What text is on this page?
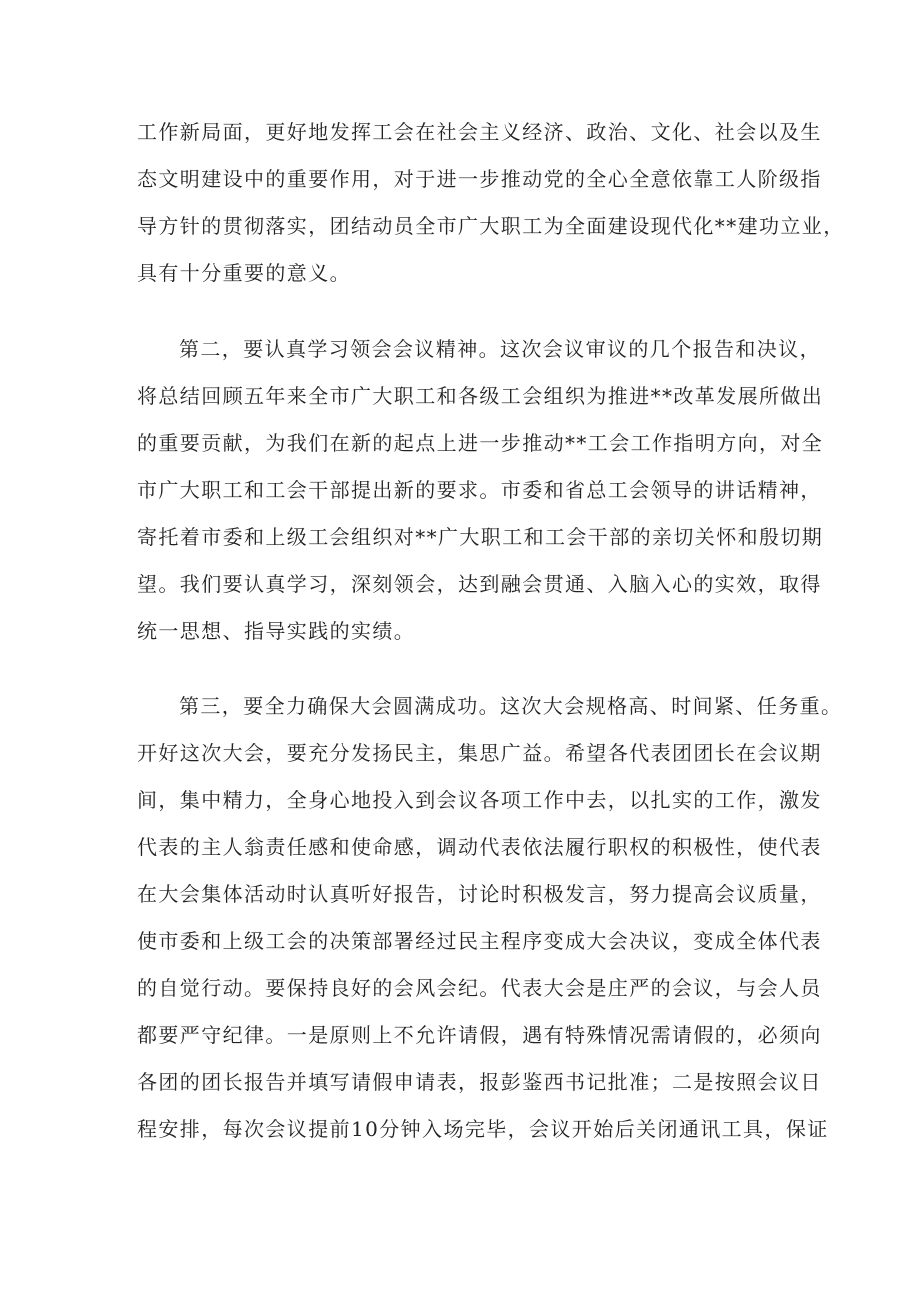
工作新局面，更好地发挥工会在社会主义经济、政治、文化、社会以及生
态文明建设中的重要作用，对于进一步推动党的全心全意依靠工人阶级指
导方针的贯彻落实，团结动员全市广大职工为全面建设现代化**建功立业，
具有十分重要的意义。
第二，要认真学习领会会议精神。这次会议审议的几个报告和决议，
将总结回顾五年来全市广大职工和各级工会组织为推进**改革发展所做出
的重要贡献，为我们在新的起点上进一步推动**工会工作指明方向，对全
市广大职工和工会干部提出新的要求。市委和省总工会领导的讲话精神，
寄托着市委和上级工会组织对**广大职工和工会干部的亲切关怀和殷切期
望。我们要认真学习，深刻领会，达到融会贯通、入脑入心的实效，取得
统一思想、指导实践的实绩。
第三，要全力确保大会圆满成功。这次大会规格高、时间紧、任务重。
开好这次大会，要充分发扬民主，集思广益。希望各代表团团长在会议期
间，集中精力，全身心地投入到会议各项工作中去，以扎实的工作，激发
代表的主人翁责任感和使命感，调动代表依法履行职权的积极性，使代表
在大会集体活动时认真听好报告，讨论时积极发言，努力提高会议质量，
使市委和上级工会的决策部署经过民主程序变成大会决议，变成全体代表
的自觉行动。要保持良好的会风会纪。代表大会是庄严的会议，与会人员
都要严守纪律。一是原则上不允许请假，遇有特殊情况需请假的，必须向
各团的团长报告并填写请假申请表，报彭鉴西书记批准；二是按照会议日
程安排，每次会议提前10分钟入场完毕，会议开始后关闭通讯工具，保证
